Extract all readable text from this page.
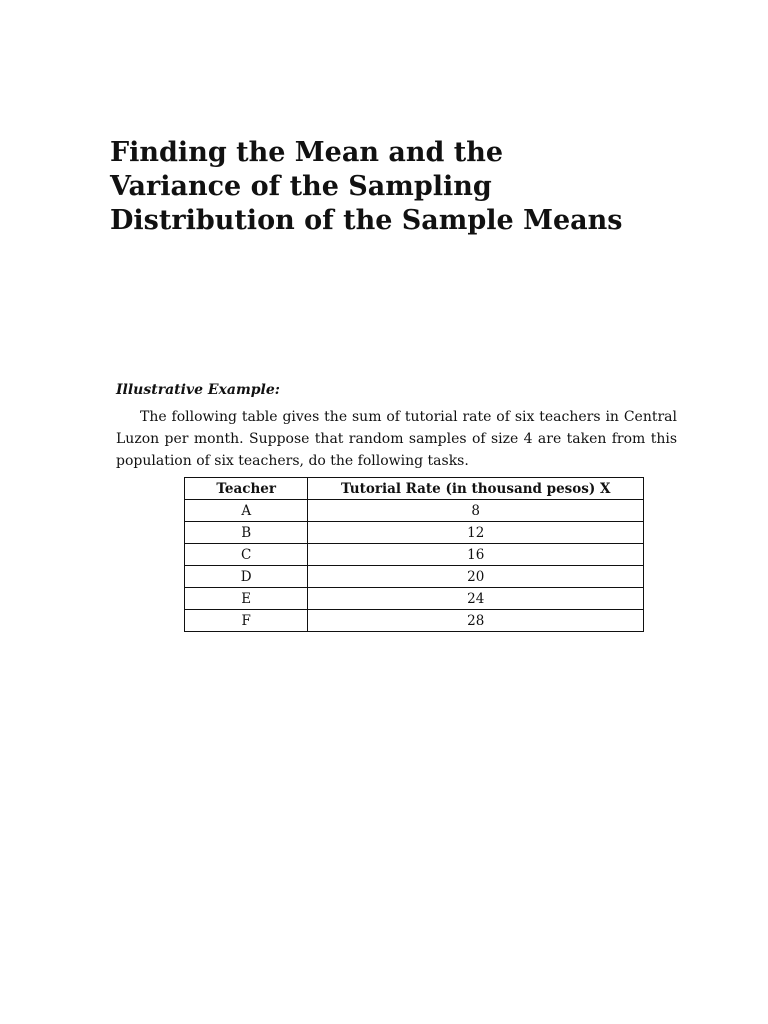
Finding the Mean and the Variance of the Sampling Distribution of the Sample Means

Illustrative Example:

The following table gives the sum of tutorial rate of six teachers in Central Luzon per month. Suppose that random samples of size 4 are taken from this population of six teachers, do the following tasks.

Teacher	Tutorial Rate (in thousand pesos) X
A	8
B	12
C	16
D	20
E	24
F	28
